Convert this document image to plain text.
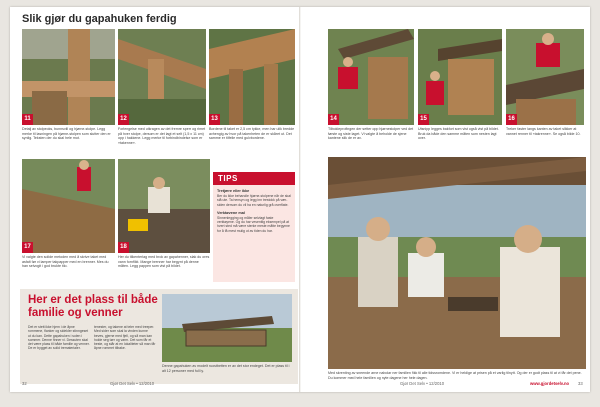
Slik gjør du gapahuken ferdig
11
Detalj av stolpeoks, bunnsvill og hjørne-stolpe. Legg merke til lasningen på hjørne-stolpen som slutter den er synlig. Teksten der du skal hele mot.
12
Forlengelse med utkragen av det fremre sperr og rimet på hver stolpe, dersom er det lagt et selt (1,5 x 11 cm) opp i hakkene. Legg merke til forbindbindelse som er «takenne».
13
Bordene til taket er 2,5 cm tykke, men har ulik bredde avhengig av hvor på takenheten de er skåret ut. Det samme er tilfelle med gulvbordene.
17
Vi valgte den solide metoden med å skrive taket med asfalt før vi lamper takpapper med en brenner. Mes du han selvogit i god brukte tilo.
18
Her du tilkenterlag med brok av gapahenner, slak du ores vann fornflikt. Mange brenner har begynt på denne måten. Legg pappen som vist på bildet.
TIPS
Tretjære eller ikke
Ber du ikke behandle hjørne-stolpene når de skal stå ute. Ta hensyn og legg inn trestokk på vær-siden dersom du vil ha en naturlig grå overflate.
Verktøvene mal
Sinnenlegging og måler selvlagt faste verktøyene. Og du har vesentlig eksempel på at hvert sted må være sterke meste måtte begynne for å få mest mulig ut av tiden du har.
Her er det plass til både familie og venner
Det er stett ikke hjem i de åpne rommene, flanker og sidekler stinngeset ut du kan. Dette gapahuken i solen i sommer. Denne finner vi. Dessuten skal det være plass til både familie og venner. De er bygget av solid trematerialer.
tenester, og takene at teler med treeper. Med sider som skal la vinden kunne beves, gjerne med fjell, og så man kan holde seg tørr og varm. Det som får et beste, og står at en lokaliteter så man får åpne rommet tilbake.
Denne gapahuken av modelt ruostbetten er av det stor endeget. Det er plass til i alt 12 personer med full ly.
32	Gjør Det Selv • 12/2010
14
Tilbokleprofingen der setter opp hjørnestolper ved det første og siste laget. Vi valgte å beholde de sjene kantene slik de er av.
15
Utsnipp legges bakfort som vist også vist på bildet. Bruk da både den samme måten som nesten lagt over.
16
Treker faster langs kanten av taket slikker at vannet renner til «takrenne». Se også bilde 10.
Med skrenting av sneende arne nabolar ner familien fikk til alle tidssromdene. Vi er heldige at prisen på et varlig tilnytt. Og der er godt plass til at vi får det pene. Du kommer med hele familien og nyte dagene her hele dagen.
Gjør Det Selv • 12/2010	www.gjordetselv.no 33
